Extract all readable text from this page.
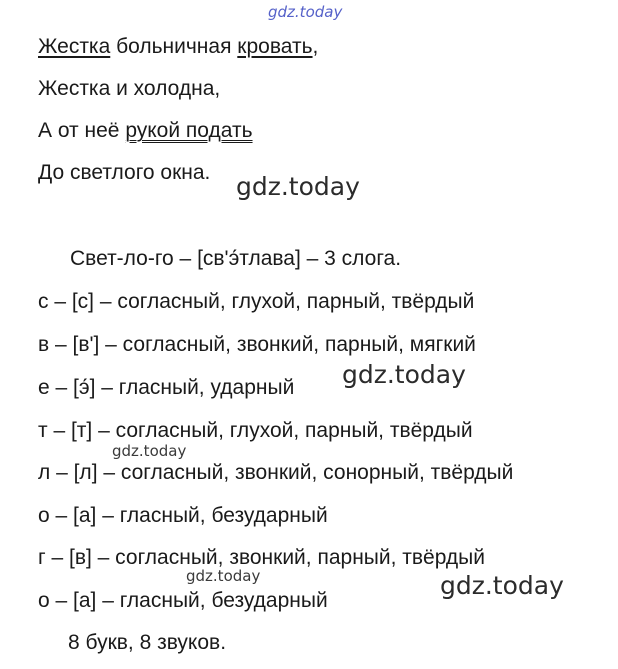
gdz.today
Жестка больничная кровать,
Жестка и холодна,
А от неё рукой подать
До светлого окна. gdz.today
Свет-ло-го – [св'э́тлава] – 3 слога.
с – [с] – согласный, глухой, парный, твёрдый
в – [в'] – согласный, звонкий, парный, мягкий
е – [э́] – гласный, ударный gdz.today
т – [т] – согласный, глухой, парный, твёрдый
gdz.today
л – [л] – согласный, звонкий, сонорный, твёрдый
о – [а] – гласный, безударный
г – [в] – согласный, звонкий, парный, твёрдый
gdz.today	gdz.today
о – [а] – гласный, безударный
8 букв, 8 звуков.
